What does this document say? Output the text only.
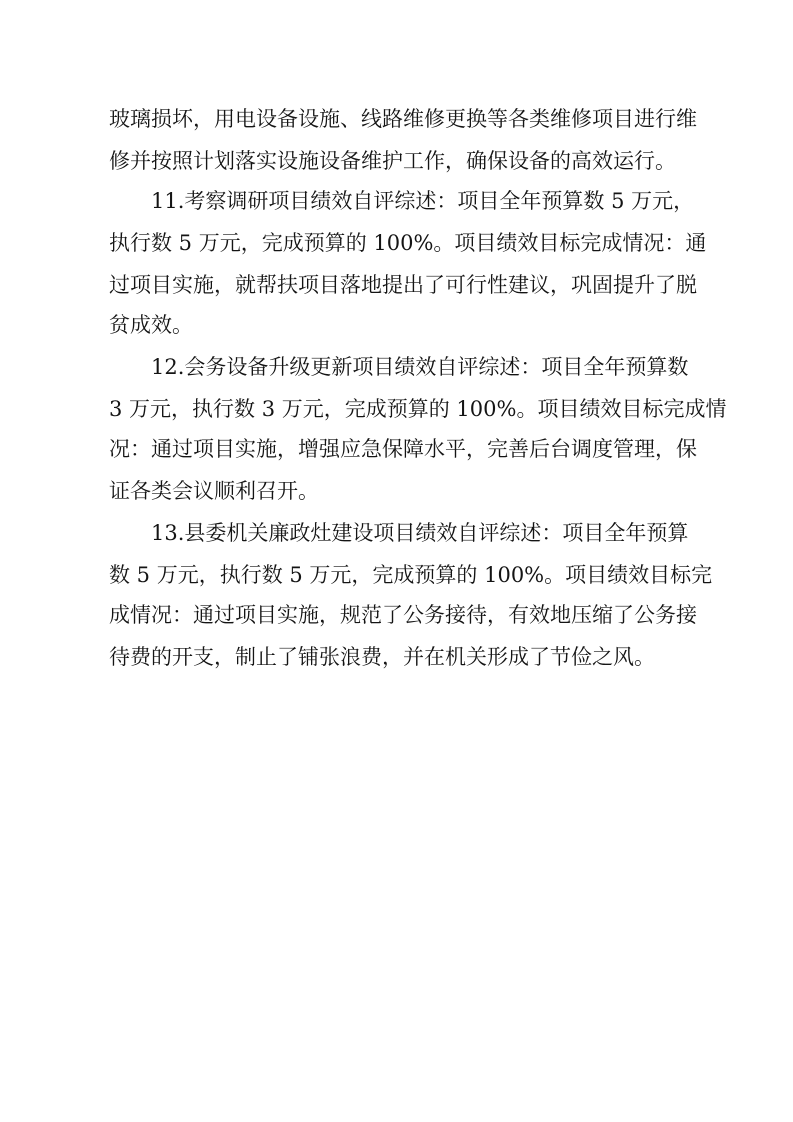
玻璃损坏，用电设备设施、线路维修更换等各类维修项目进行维
修并按照计划落实设施设备维护工作，确保设备的高效运行。
11.考察调研项目绩效自评综述：项目全年预算数 5 万元，
执行数 5 万元，完成预算的 100%。项目绩效目标完成情况：通
过项目实施，就帮扶项目落地提出了可行性建议，巩固提升了脱
贫成效。
12.会务设备升级更新项目绩效自评综述：项目全年预算数
3 万元，执行数 3 万元，完成预算的 100%。项目绩效目标完成情
况：通过项目实施，增强应急保障水平，完善后台调度管理，保
证各类会议顺利召开。
13.县委机关廉政灶建设项目绩效自评综述：项目全年预算
数 5 万元，执行数 5 万元，完成预算的 100%。项目绩效目标完
成情况：通过项目实施，规范了公务接待，有效地压缩了公务接
待费的开支，制止了铺张浪费，并在机关形成了节俭之风。
